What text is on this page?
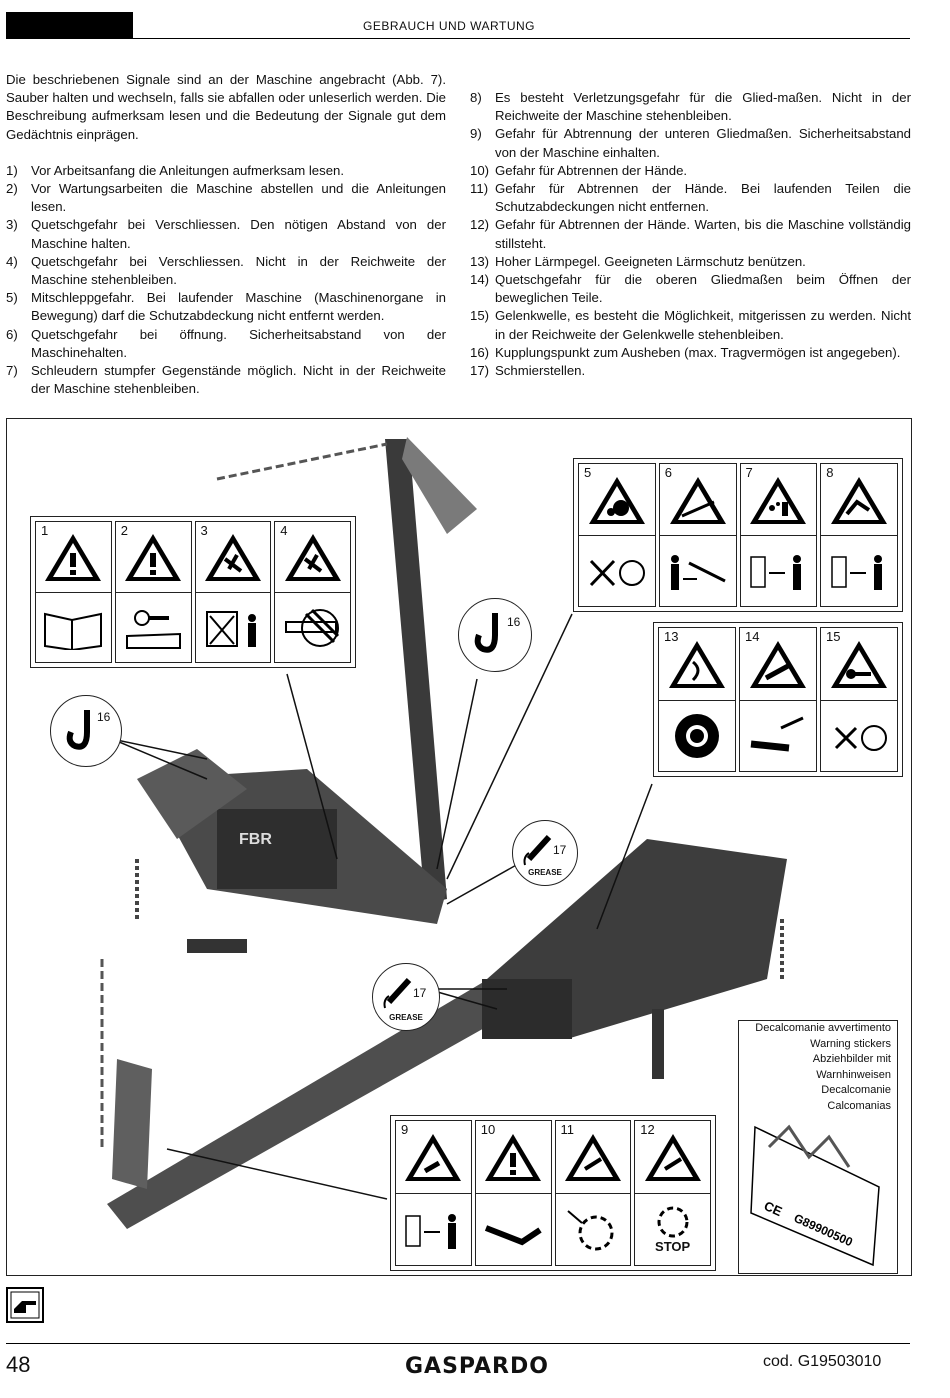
GEBRAUCH UND WARTUNG

Die beschriebenen Signale sind an der Maschine angebracht (Abb. 7). Sauber halten und wechseln, falls sie abfallen oder unleserlich werden. Die Beschreibung aufmerksam lesen und die Bedeutung der Signale gut dem Gedächtnis einprägen.

1) Vor Arbeitsanfang die Anleitungen aufmerksam lesen.
2) Vor Wartungsarbeiten die Maschine abstellen und die Anleitungen lesen.
3) Quetschgefahr bei Verschliessen. Den nötigen Abstand von der Maschine halten.
4) Quetschgefahr bei Verschliessen. Nicht in der Reichweite der Maschine stehenbleiben.
5) Mitschleppgefahr. Bei laufender Maschine (Maschinenorgane in Bewegung) darf die Schutzabdeckung nicht entfernt werden.
6) Quetschgefahr bei öffnung. Sicherheitsabstand von der Maschinehalten.
7) Schleudern stumpfer Gegenstände möglich. Nicht in der Reichweite der Maschine stehenbleiben.
8) Es besteht Verletzungsgefahr für die Glied-maßen. Nicht in der Reichweite der Maschine stehenbleiben.
9) Gefahr für Abtrennung der unteren Gliedmaßen. Sicherheitsabstand von der Maschine einhalten.
10) Gefahr für Abtrennen der Hände.
11) Gefahr für Abtrennen der Hände. Bei laufenden Teilen die Schutzabdeckungen nicht entfernen.
12) Gefahr für Abtrennen der Hände. Warten, bis die Maschine vollständig stillsteht.
13) Hoher Lärmpegel. Geeigneten Lärmschutz benützen.
14) Quetschgefahr für die oberen Gliedmaßen beim Öffnen der beweglichen Teile.
15) Gelenkwelle, es besteht die Möglichkeit, mitgerissen zu werden. Nicht in der Reichweite der Gelenkwelle stehenbleiben.
16) Kupplungspunkt zum Ausheben (max. Tragvermögen ist angegeben).
17) Schmierstellen.
FBR
1	2	3	4
5	6	7	8
13	14	15
9	10	11	12
STOP
16
16
17
GREASE
17
GREASE
Decalcomanie avvertimento
Warning stickers
Abziehbilder mit
Warnhinweisen
Decalcomanie
Calcomanias
CE
G89900500
48	GASPARDO	cod. G19503010
